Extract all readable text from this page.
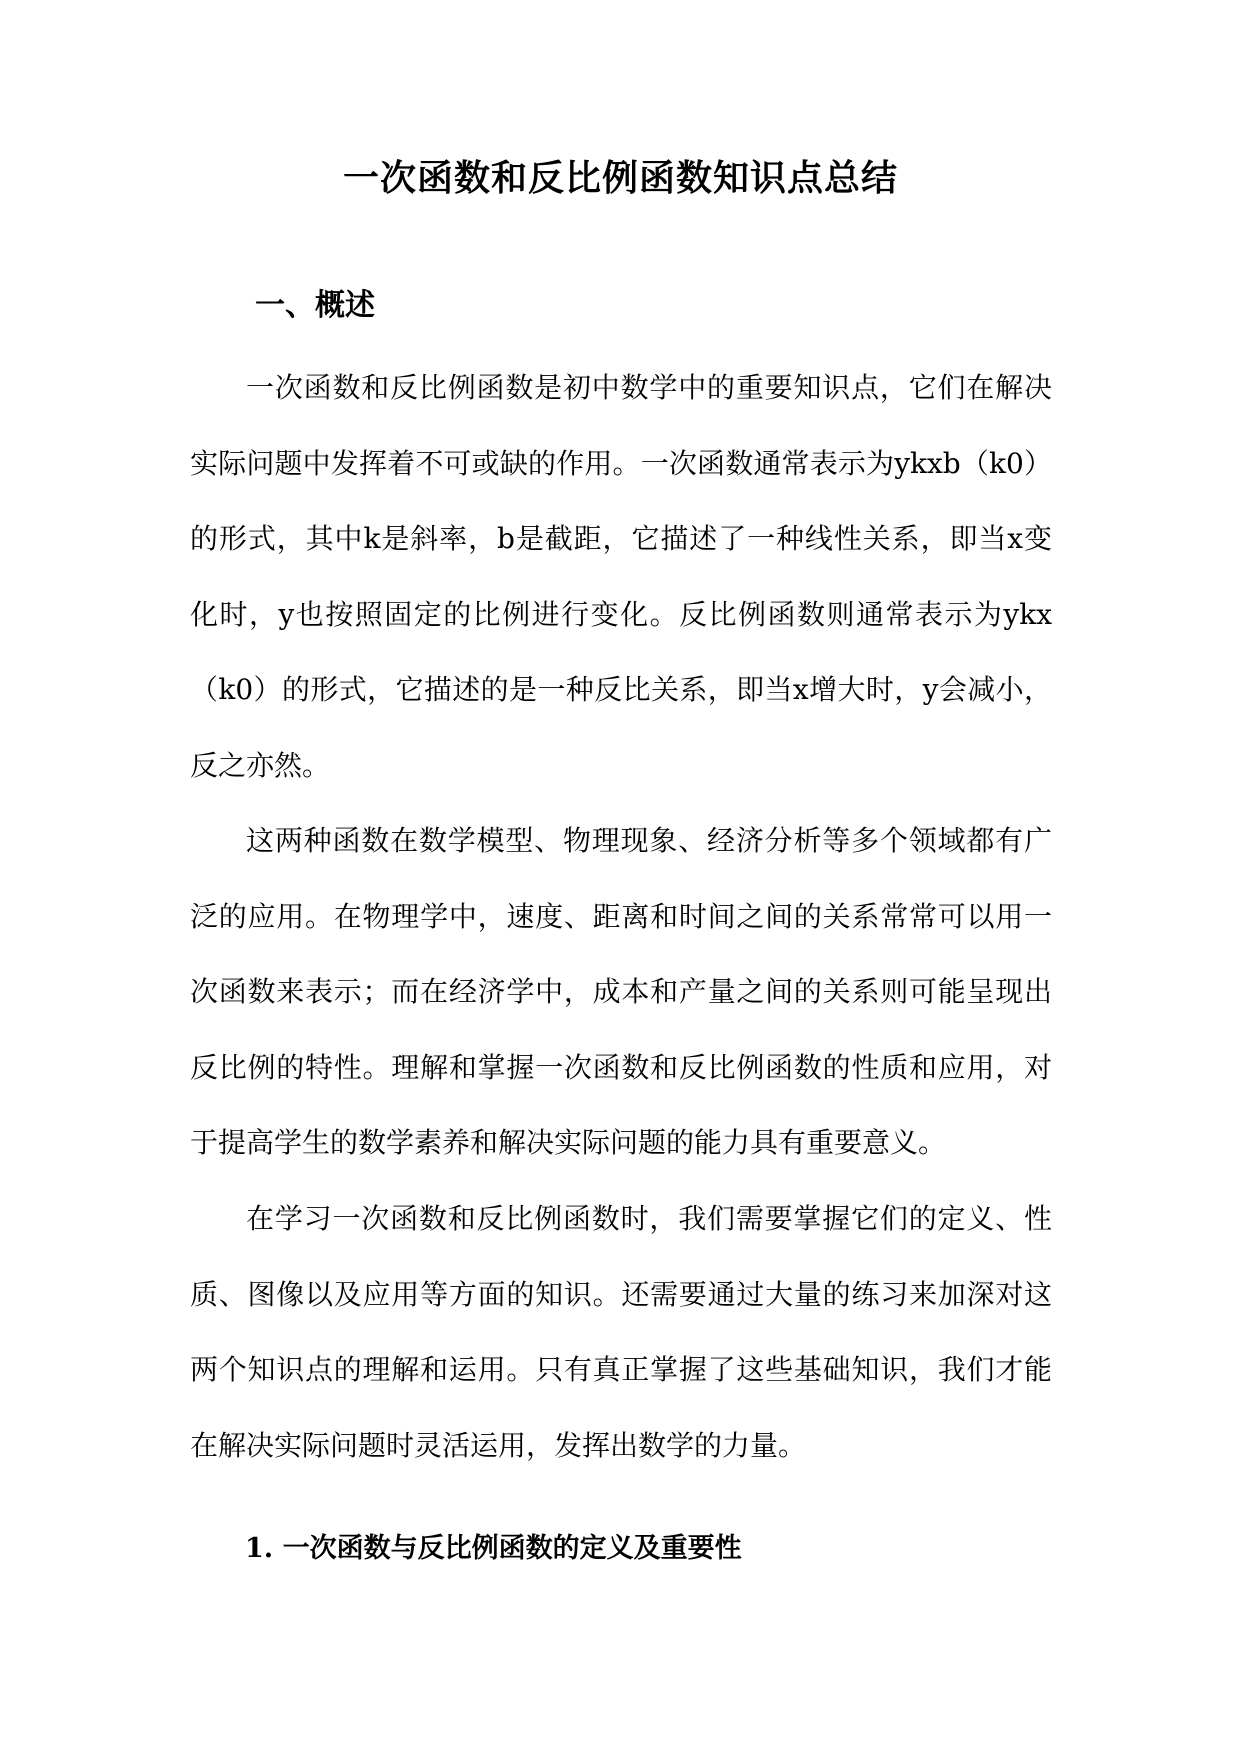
一次函数和反比例函数知识点总结
一、概述

一次函数和反比例函数是初中数学中的重要知识点，它们在解决实际问题中发挥着不可或缺的作用。一次函数通常表示为ykxb（k0）的形式，其中k是斜率，b是截距，它描述了一种线性关系，即当x变化时，y也按照固定的比例进行变化。反比例函数则通常表示为ykx（k0）的形式，它描述的是一种反比关系，即当x增大时，y会减小，反之亦然。

这两种函数在数学模型、物理现象、经济分析等多个领域都有广泛的应用。在物理学中，速度、距离和时间之间的关系常常可以用一次函数来表示；而在经济学中，成本和产量之间的关系则可能呈现出反比例的特性。理解和掌握一次函数和反比例函数的性质和应用，对于提高学生的数学素养和解决实际问题的能力具有重要意义。

在学习一次函数和反比例函数时，我们需要掌握它们的定义、性质、图像以及应用等方面的知识。还需要通过大量的练习来加深对这两个知识点的理解和运用。只有真正掌握了这些基础知识，我们才能在解决实际问题时灵活运用，发挥出数学的力量。

1. 一次函数与反比例函数的定义及重要性
